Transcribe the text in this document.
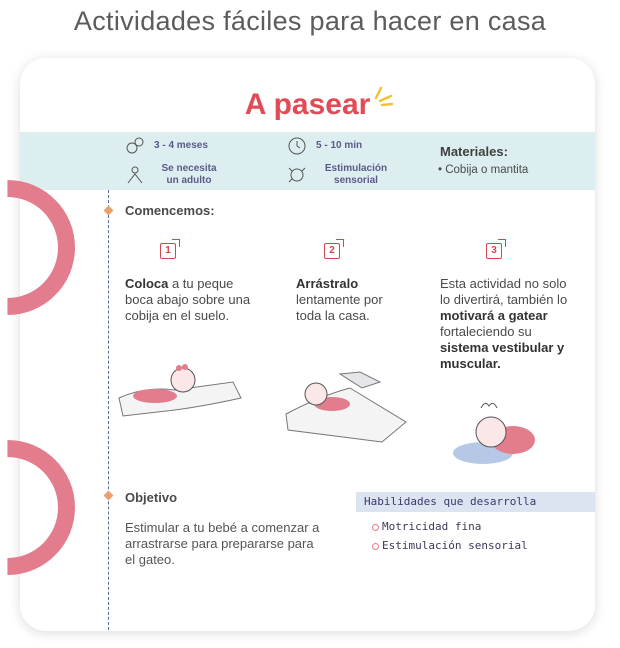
Actividades fáciles para hacer en casa
A pasear
3 - 4 meses
Se necesita un adulto
5 - 10 min
Estimulación sensorial
Materiales:
• Cobija o mantita
Comencemos:
1	2	3
Coloca a tu peque boca abajo sobre una cobija en el suelo.
Arrástralo lentamente por toda la casa.
Esta actividad no solo lo divertirá, también lo motivará a gatear fortaleciendo su sistema vestibular y muscular.
Objetivo
Estimular a tu bebé a comenzar a arrastrarse para prepararse para el gateo.
Habilidades que desarrolla
Motricidad fina
Estimulación sensorial
